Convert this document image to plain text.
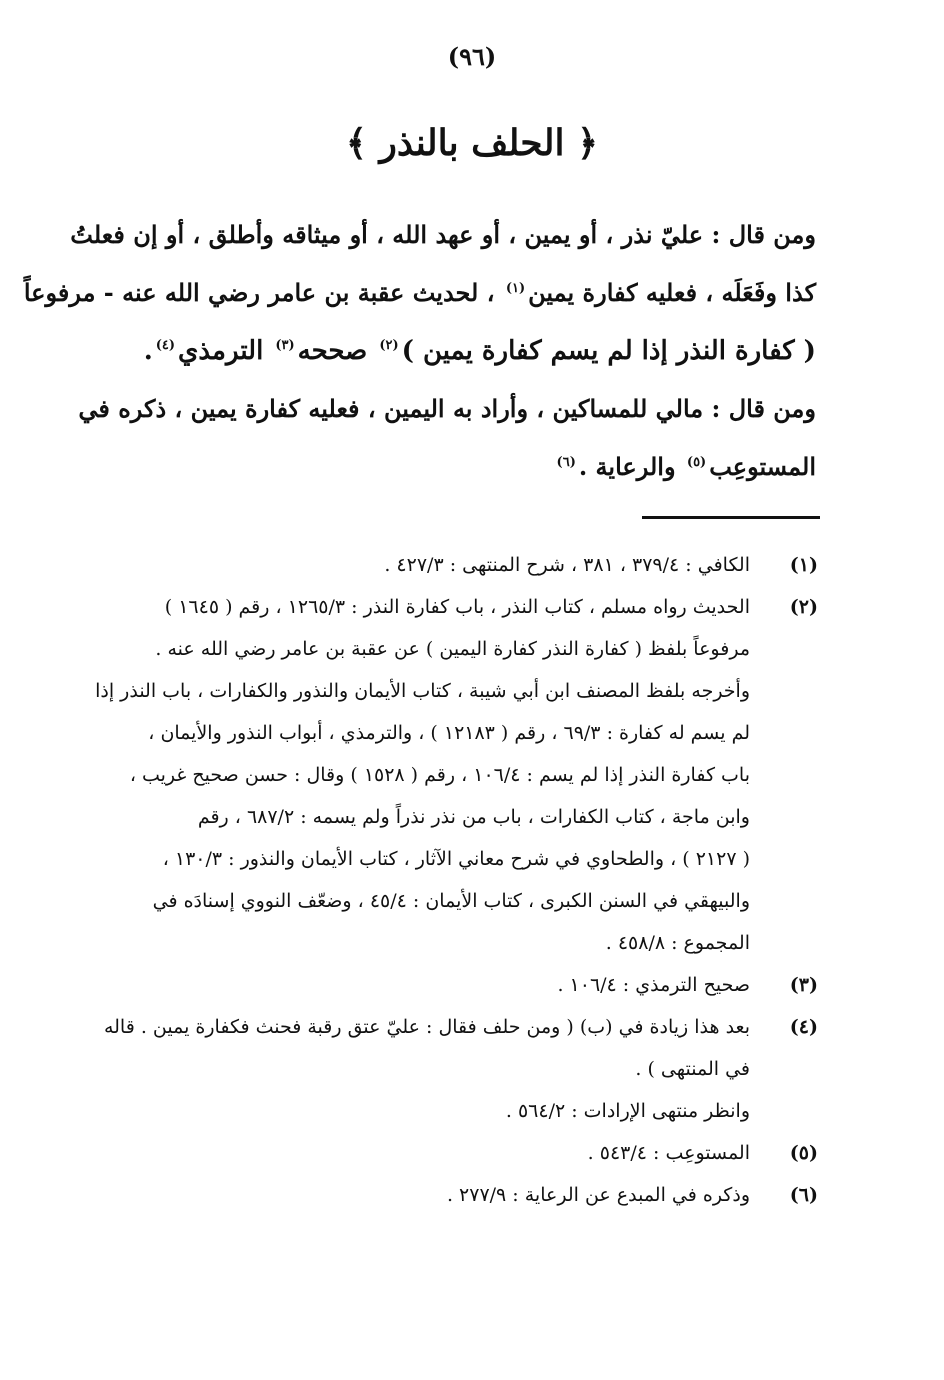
(٩٦)
﴿ الحلف بالنذر ﴾
ومن قال : عليّ نذر ، أو يمين ، أو عهد الله ، أو ميثاقه وأطلق ، أو إن فعلتُ
كذا وفَعَلَه ، فعليه كفارة يمين$^{(١)}$ ، لحديث عقبة بن عامر رضي الله عنه - مرفوعاً
( كفارة النذر إذا لم يسم كفارة يمين )$^{(٢)}$ صححه$^{(٣)}$ الترمذي$^{(٤)}$.
ومن قال : مالي للمساكين ، وأراد به اليمين ، فعليه كفارة يمين ، ذكره في
المستوعِب$^{(٥)}$ والرعاية .$^{(٦)}$
(١)
الكافي : ٣٧٩/٤ ، ٣٨١ ، شرح المنتهى : ٤٢٧/٣ .
(٢)
الحديث رواه مسلم ، كتاب النذر ، باب كفارة النذر : ١٢٦٥/٣ ، رقم ( ١٦٤٥ )
مرفوعاً بلفظ ( كفارة النذر كفارة اليمين ) عن عقبة بن عامر رضي الله عنه .
وأخرجه بلفظ المصنف ابن أبي شيبة ، كتاب الأيمان والنذور والكفارات ، باب النذر إذا
لم يسم له كفارة : ٦٩/٣ ، رقم ( ١٢١٨٣ ) ، والترمذي ، أبواب النذور والأيمان ،
باب كفارة النذر إذا لم يسم : ١٠٦/٤ ، رقم ( ١٥٢٨ ) وقال : حسن صحيح غريب ،
وابن ماجة ، كتاب الكفارات ، باب من نذر نذراً ولم يسمه : ٦٨٧/٢ ، رقم
( ٢١٢٧ ) ، والطحاوي في شرح معاني الآثار ، كتاب الأيمان والنذور : ١٣٠/٣ ،
والبيهقي في السنن الكبرى ، كتاب الأيمان : ٤٥/٤ ، وضعّف النووي إسنادَه في
المجموع : ٤٥٨/٨ .
(٣)
صحيح الترمذي : ١٠٦/٤ .
(٤)
بعد هذا زيادة في (ب) ( ومن حلف فقال : عليّ عتق رقبة فحنث فكفارة يمين . قاله
في المنتهى ) .
وانظر منتهى الإرادات : ٥٦٤/٢ .
(٥)
المستوعِب : ٥٤٣/٤ .
(٦)
وذكره في المبدع عن الرعاية : ٢٧٧/٩ .
